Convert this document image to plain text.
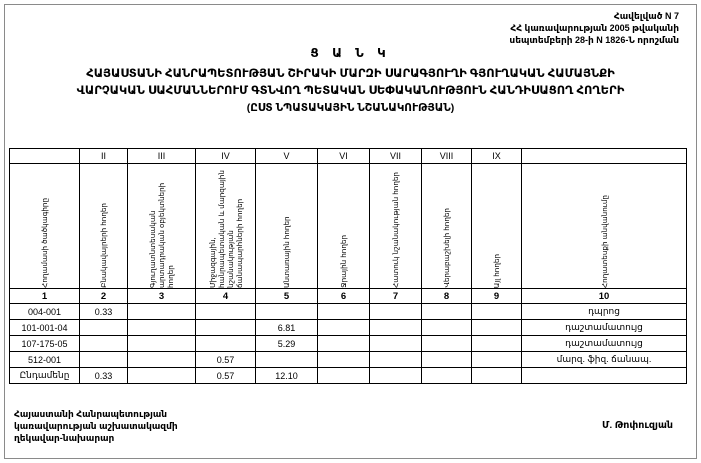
Հավելված N 7
ՀՀ կառավարության 2005 թվականի
սեպտեմբերի 28-ի N 1826-Ն որոշման
Ց Ա Ն Կ
ՀԱՅԱՍՏԱՆԻ ՀԱՆՐԱՊԵՏՈՒԹՅԱՆ ՇԻՐԱԿԻ ՄԱՐԶԻ ՍԱՐԱԳՅՈՒՂԻ ԳՅՈՒՂԱԿԱՆ ՀԱՄԱՅՆՔԻ
ՎԱՐՉԱԿԱՆ ՍԱՀՄԱՆՆԵՐՈՒՄ ԳՏՆՎՈՂ ՊԵՏԱԿԱՆ ՍԵՓԱԿԱՆՈՒԹՅՈՒՆ ՀԱՆԴԻՍԱՑՈՂ ՀՈՂԵՐԻ
(ԸՍՏ ՆՊԱՏԱԿԱՅԻՆ ՆՇԱՆԱԿՈՒԹՅԱՆ)
	II	III	IV	V	VI	VII	VIII	IX	

Հողամասի ծածկագիրը	Բնակավայրերի հողեր	Գյուղատնտեսական արտադրական օբյեկտների հողեր	Միջազգային, հանրապետական և մարզային նշանակության ճանապարհների հողեր	Անտառային հողեր	Ջրային հողեր	Հատուկ նշանակության հողեր	Վերաբաշխելի հողեր	Այլ հողեր	Հողատեսքի անվանումը

1	2	3	4	5	6	7	8	9	10
004-001	0.33								դպրոց
101-001-04				6.81					դաշտամատույց
107-175-05				5.29					դաշտամատույց
512-001			0.57						մարզ. ֆիզ. ճանապ.
Ընդամենը	0.33		0.57	12.10					
Հայաստանի Հանրապետության
կառավարության աշխատակազմի
ղեկավար-նախարար
Մ. Թոփուզյան
